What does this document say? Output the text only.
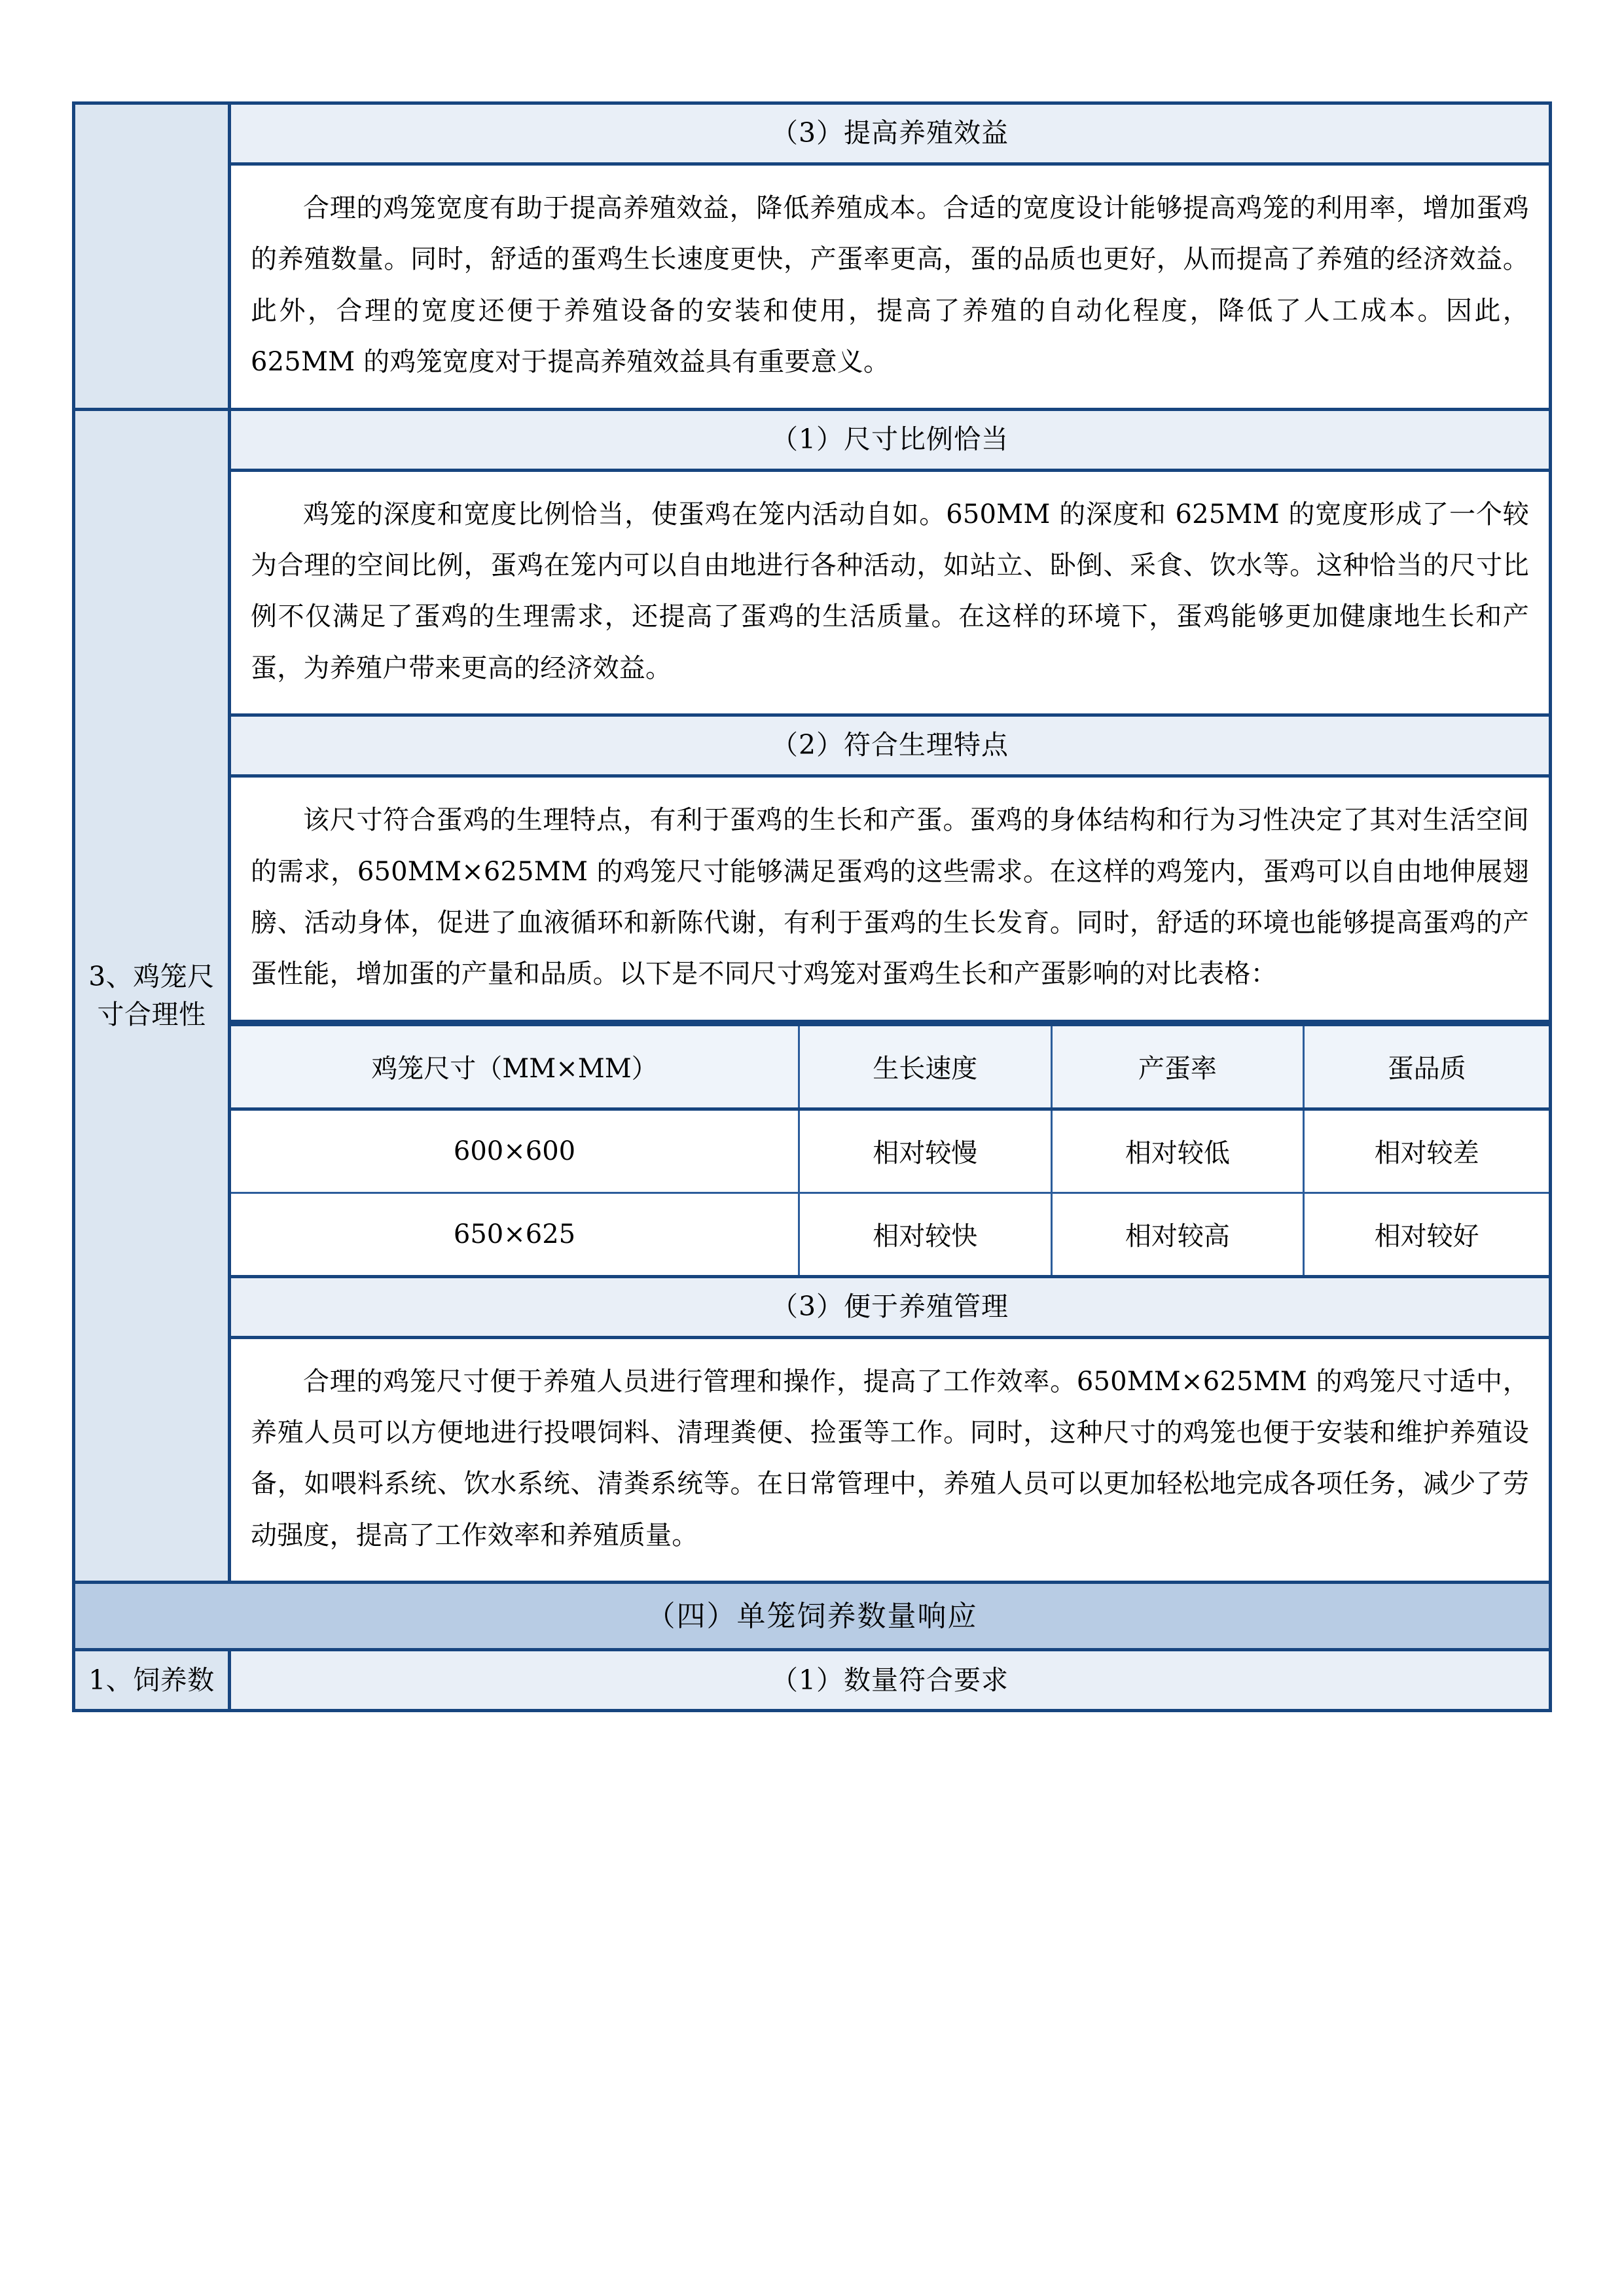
	（3）提高养殖效益

合理的鸡笼宽度有助于提高养殖效益，降低养殖成本。合适的宽度设计能够提高鸡笼的利用率，增加蛋鸡的养殖数量。同时，舒适的蛋鸡生长速度更快，产蛋率更高，蛋的品质也更好，从而提高了养殖的经济效益。此外，合理的宽度还便于养殖设备的安装和使用，提高了养殖的自动化程度，降低了人工成本。因此，625MM 的鸡笼宽度对于提高养殖效益具有重要意义。

3、鸡笼尺寸合理性	（1）尺寸比例恰当

鸡笼的深度和宽度比例恰当，使蛋鸡在笼内活动自如。650MM 的深度和 625MM 的宽度形成了一个较为合理的空间比例，蛋鸡在笼内可以自由地进行各种活动，如站立、卧倒、采食、饮水等。这种恰当的尺寸比例不仅满足了蛋鸡的生理需求，还提高了蛋鸡的生活质量。在这样的环境下，蛋鸡能够更加健康地生长和产蛋，为养殖户带来更高的经济效益。

（2）符合生理特点

该尺寸符合蛋鸡的生理特点，有利于蛋鸡的生长和产蛋。蛋鸡的身体结构和行为习性决定了其对生活空间的需求，650MM×625MM 的鸡笼尺寸能够满足蛋鸡的这些需求。在这样的鸡笼内，蛋鸡可以自由地伸展翅膀、活动身体，促进了血液循环和新陈代谢，有利于蛋鸡的生长发育。同时，舒适的环境也能够提高蛋鸡的产蛋性能，增加蛋的产量和品质。以下是不同尺寸鸡笼对蛋鸡生长和产蛋影响的对比表格：

鸡笼尺寸（MM×MM）	生长速度	产蛋率	蛋品质
600×600	相对较慢	相对较低	相对较差
650×625	相对较快	相对较高	相对较好

（3）便于养殖管理

合理的鸡笼尺寸便于养殖人员进行管理和操作，提高了工作效率。650MM×625MM 的鸡笼尺寸适中，养殖人员可以方便地进行投喂饲料、清理粪便、捡蛋等工作。同时，这种尺寸的鸡笼也便于安装和维护养殖设备，如喂料系统、饮水系统、清粪系统等。在日常管理中，养殖人员可以更加轻松地完成各项任务，减少了劳动强度，提高了工作效率和养殖质量。

（四）单笼饲养数量响应
1、饲养数	（1）数量符合要求
